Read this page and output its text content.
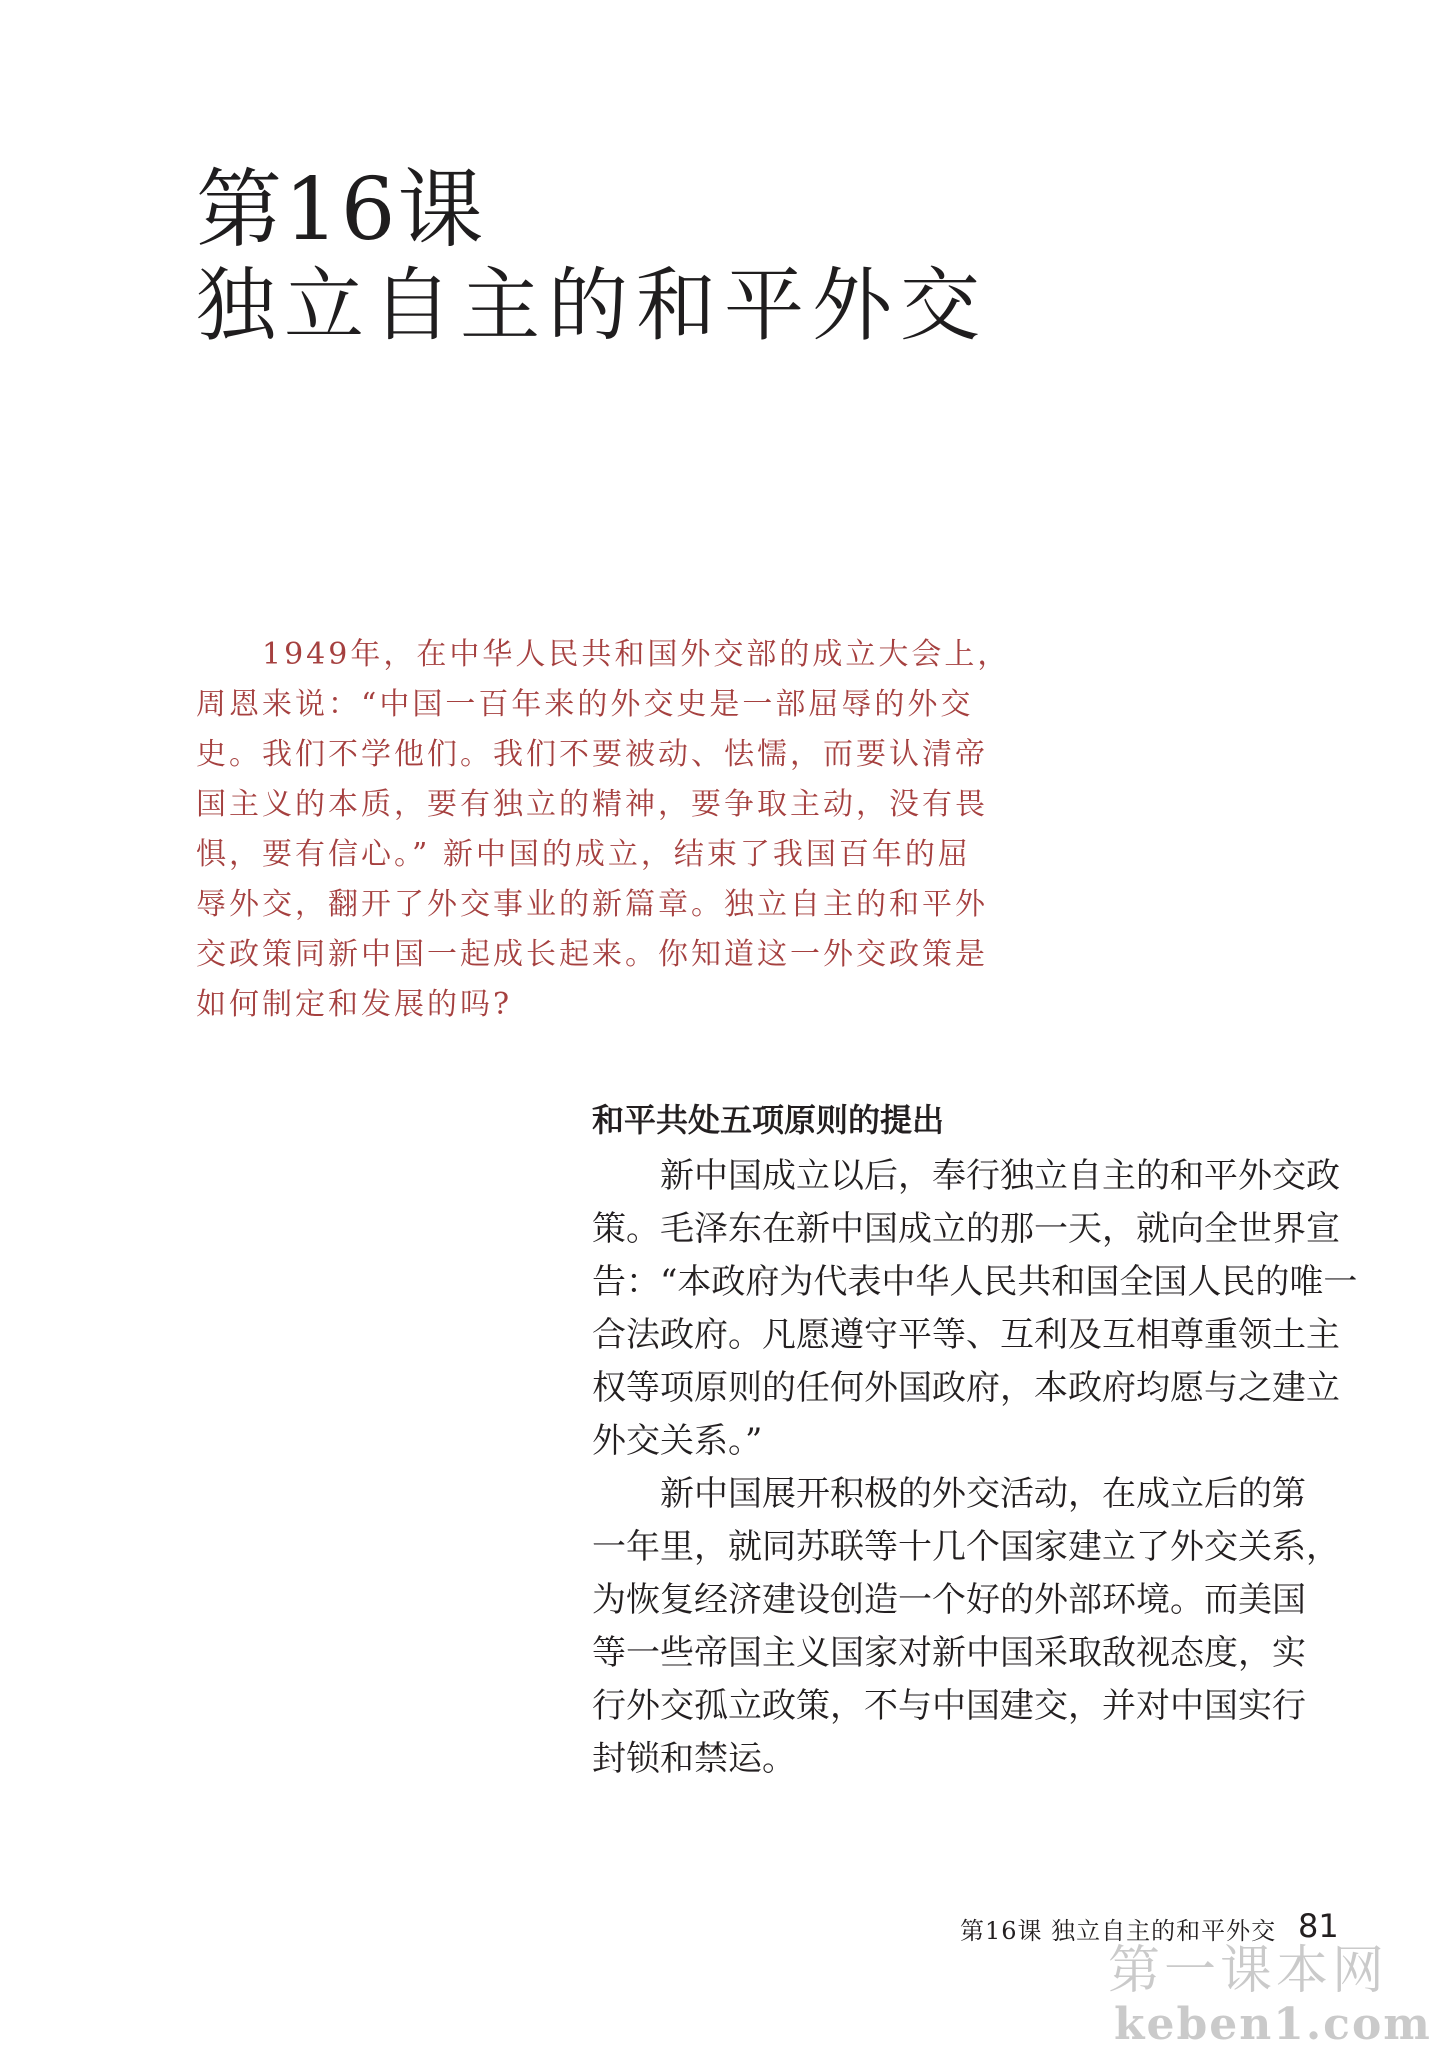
第16课
独立自主的和平外交
　　1949年，在中华人民共和国外交部的成立大会上，
周恩来说：“中国一百年来的外交史是一部屈辱的外交
史。我们不学他们。我们不要被动、怯懦，而要认清帝
国主义的本质，要有独立的精神，要争取主动，没有畏
惧，要有信心。” 新中国的成立，结束了我国百年的屈
辱外交，翻开了外交事业的新篇章。独立自主的和平外
交政策同新中国一起成长起来。你知道这一外交政策是
如何制定和发展的吗?
和平共处五项原则的提出
　　新中国成立以后，奉行独立自主的和平外交政
策。毛泽东在新中国成立的那一天，就向全世界宣
告：“本政府为代表中华人民共和国全国人民的唯一
合法政府。凡愿遵守平等、互利及互相尊重领土主
权等项原则的任何外国政府，本政府均愿与之建立
外交关系。”
　　新中国展开积极的外交活动，在成立后的第
一年里，就同苏联等十几个国家建立了外交关系，
为恢复经济建设创造一个好的外部环境。而美国
等一些帝国主义国家对新中国采取敌视态度，实
行外交孤立政策，不与中国建交，并对中国实行
封锁和禁运。
第16课 独立自主的和平外交 81
第一课本网
keben1.com
